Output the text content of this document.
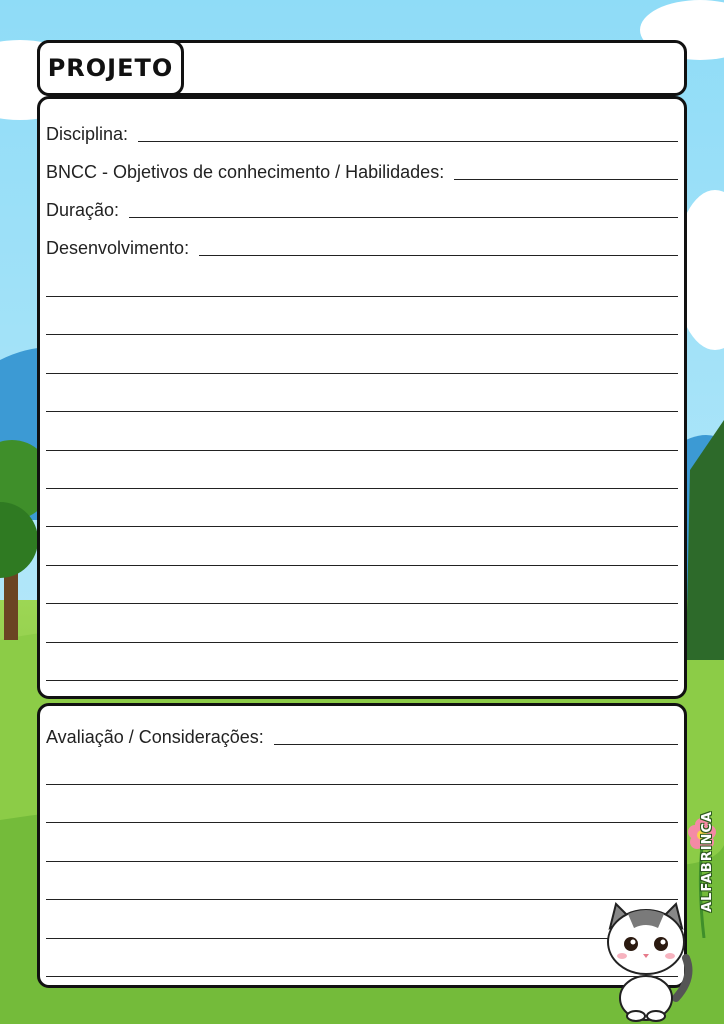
PROJETO
Disciplina:
BNCC - Objetivos de conhecimento / Habilidades:
Duração:
Desenvolvimento:
Avaliação / Considerações:
ALFABRINCA
